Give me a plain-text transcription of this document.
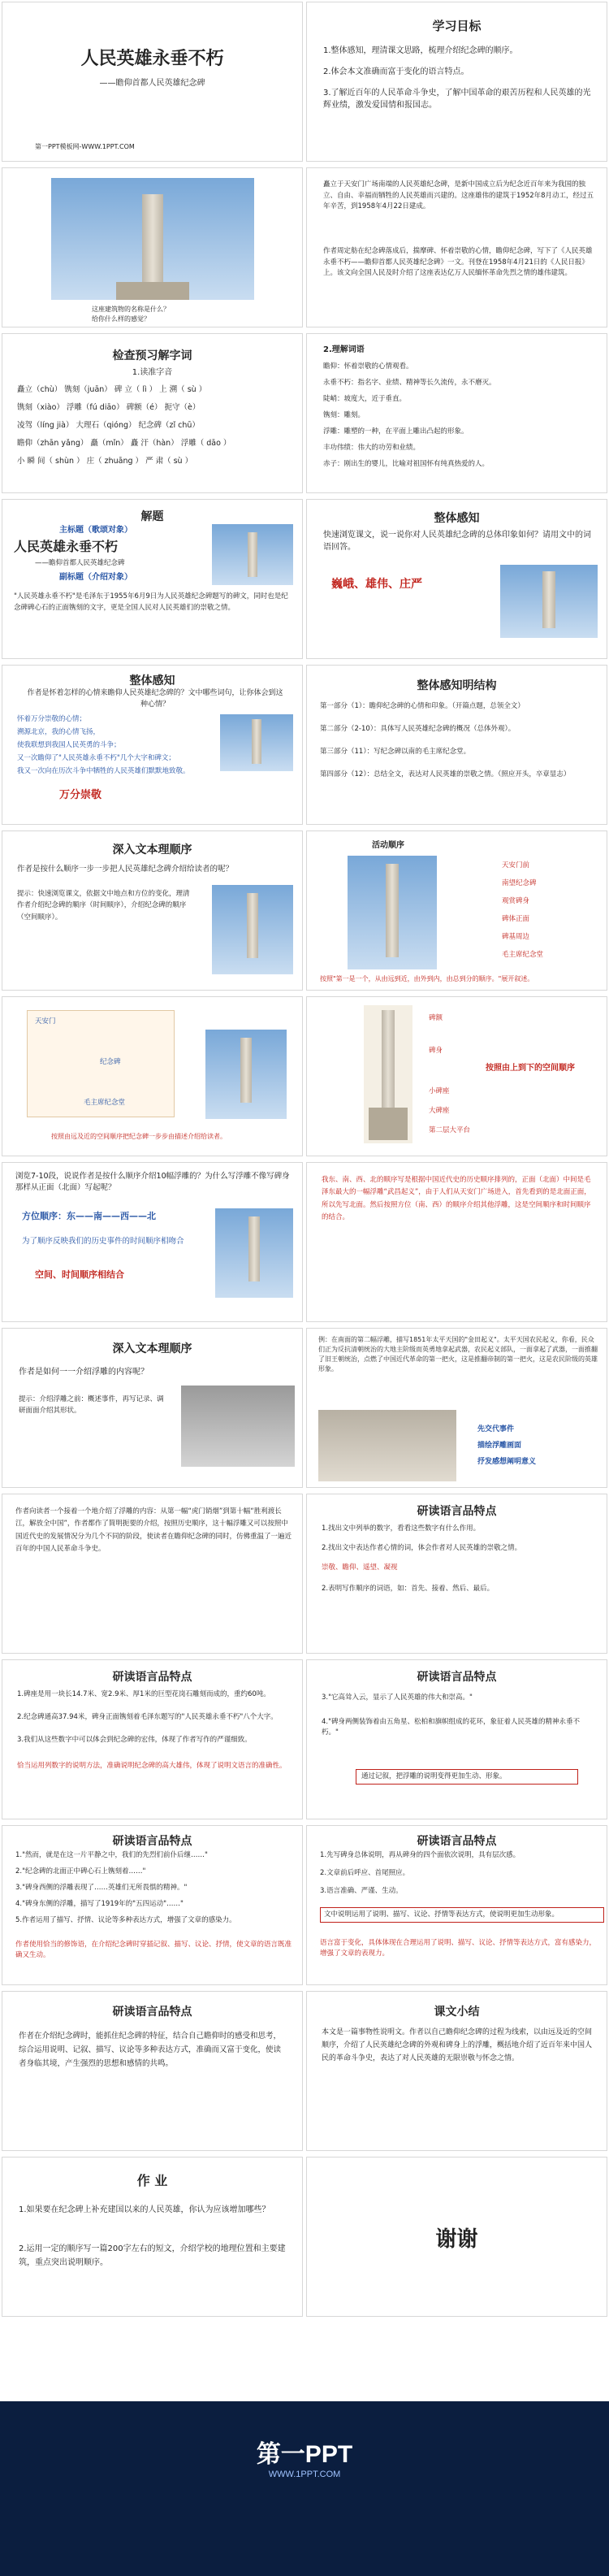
人民英雄永垂不朽
——瞻仰首都人民英雄纪念碑
第一PPT模板网-WWW.1PPT.COM
学习目标
1.整体感知，理清课文思路，梳理介绍纪念碑的顺序。
2.体会本文准确而富于变化的语言特点。
3.了解近百年的人民革命斗争史，了解中国革命的艰苦历程和人民英雄的光辉业绩，激发爱国情和报国志。
这座建筑物的名称是什么？
给你什么样的感觉？
矗立于天安门广场南端的人民英雄纪念碑，是新中国成立后为纪念近百年来为我国的独立、自由、幸福而牺牲的人民英雄而兴建的。这座雄伟的建筑于1952年8月动工，经过五年辛苦，到1958年4月22日建成。
作者周定舫在纪念碑落成后，揣摩碑、怀着崇敬的心情，瞻仰纪念碑，写下了《人民英雄永垂不朽——瞻仰首都人民英雄纪念碑》一文。刊登在1958年4月21日的《人民日报》上。该文向全国人民及时介绍了这座表达亿万人民缅怀革命先烈之情的雄伟建筑。
检查预习解字词
1.读准字音
矗立（chù） 镌刻（juān） 碑 立（ lì ） 上 溯（ sù ）
镌刻（xiào） 浮雕（fú diāo） 碑额（é） 扼守（è）
凌驾（líng jià） 大理石（qióng） 纪念碑（zǐ chū）
瞻仰（zhān yǎng） 矗（mǐn） 矗 汗（hàn） 浮雕（ dāo ）
小 瞬 间（ shùn ） 庄（ zhuāng ） 严 肃（ sù ）
2.理解词语
瞻仰：怀着崇敬的心情观看。
永垂不朽：指名字、业绩、精神等长久流传，永不磨灭。
陡峭：坡度大，近于垂直。
镌刻：雕刻。
浮雕：雕塑的一种，在平面上雕出凸起的形象。
丰功伟绩：伟大的功劳和业绩。
赤子：刚出生的婴儿，比喻对祖国怀有纯真热爱的人。
解题
主标题（歌颂对象）
人民英雄永垂不朽
——瞻仰首都人民英雄纪念碑
副标题（介绍对象）
"人民英雄永垂不朽"是毛泽东于1955年6月9日为人民英雄纪念碑题写的碑文，同时也是纪念碑碑心石的正面镌刻的文字，更是全国人民对人民英雄们的崇敬之情。
整体感知
快速浏览课文，说一说你对人民英雄纪念碑的总体印象如何？请用文中的词语回答。
巍峨、雄伟、庄严
整体感知
作者是怀着怎样的心情来瞻仰人民英雄纪念碑的？文中哪些词句，让你体会到这种心情？
怀着万分崇敬的心情；
溯源北京，我的心情飞扬，
使我联想到我国人民英勇的斗争；
又一次瞻仰了"人民英雄永垂不朽"几个大字和碑文；
我又一次向在历次斗争中牺牲的人民英雄们默默地致敬。
万分崇敬
整体感知明结构
第一部分（1）：瞻仰纪念碑的心情和印象。（开篇点题，总领全文）
第二部分（2-10）：具体写人民英雄纪念碑的概况（总体外观）。
第三部分（11）：写纪念碑以南的毛主席纪念堂。
第四部分（12）：总结全文，表达对人民英雄的崇敬之情。（照应开头，卒章显志）
深入文本理顺序
作者是按什么顺序一步一步把人民英雄纪念碑介绍给读者的呢？
提示：快速浏览课文，依据文中地点和方位的变化，理清作者介绍纪念碑的顺序（时间顺序），介绍纪念碑的顺序（空间顺序）。
活动顺序
天安门前
南望纪念碑
观赏碑身
碑体正面
碑基周边
毛主席纪念堂
按照"第一是一个，从由远到近，由外到内，由总到分的顺序。"展开叙述。
天安门
纪念碑
毛主席纪念堂
按照由远及近的空间顺序把纪念碑一步步由描述介绍给读者。
碑额
碑身
小碑座
大碑座
第二层大平台
按照由上到下的空间顺序
浏览7-10段，说说作者是按什么顺序介绍10幅浮雕的？为什么写浮雕不像写碑身那样从正面（北面）写起呢？
方位顺序：东——南——西——北
为了顺序反映我们的历史事件的时间顺序相吻合
空间、时间顺序相结合
我东、南、西、北的顺序写是根据中国近代史的历史顺序排列的，正面（北面）中间是毛泽东最大的一幅浮雕“武昌起义”，由于人们从天安门广场进入，首先看到的是北面正面，所以先写北面。然后按照方位（南、西）的顺序介绍其他浮雕，这是空间顺序和时间顺序的结合。
深入文本理顺序
作者是如何一一介绍浮雕的内容呢？
提示：介绍浮雕之前：概述事件，再写记录、调研面面介绍其形状。
例：在南面的第二幅浮雕，描写1851年太平天国的"金田起义"。太平天国农民起义，你看，民众们正为反抗清朝统治的大地主阶级而英勇地拿起武器，农民起义部队，一面拿起了武器，一面推翻了旧王朝统治，点燃了中国近代革命的第一把火，这是推翻帝制的第一把火，这是农民阶级的英雄形象。
先交代事件
描绘浮雕画面
抒发感想阐明意义
作者向读者一个接着一个地介绍了浮雕的内容：从第一幅“虎门销烟”到第十幅“胜利渡长江，解放全中国”，作者都作了简明扼要的介绍，按照历史顺序，这十幅浮雕又可以按照中国近代史的发展情况分为几个不同的阶段，使读者在瞻仰纪念碑的同时，仿佛重温了一遍近百年的中国人民革命斗争史。
研读语言品特点
1.找出文中列举的数字，看看这些数字有什么作用。
2.找出文中表达作者心情的词，体会作者对人民英雄的崇敬之情。
崇敬、瞻仰、遥望、凝视
2.表明写作顺序的词语，如：首先、接着、然后、最后。
研读语言品特点
1.碑座是用一块长14.7米、宽2.9米、厚1米的巨型花岗石雕刻而成的，重约60吨。
2.纪念碑通高37.94米，碑身正面镌刻着毛泽东题写的"人民英雄永垂不朽"八个大字。
3.我们从这些数字中可以体会到纪念碑的宏伟，体现了作者写作的严谨细致。
恰当运用列数字的说明方法，准确说明纪念碑的高大雄伟，体现了说明文语言的准确性。
研读语言品特点
3."它高耸入云，显示了人民英雄的伟大和崇高。"
4."碑身两侧装饰着由五角星、松柏和旗帜组成的花环，象征着人民英雄的精神永垂不朽。"
通过记叙，把浮雕的说明变得更加生动、形象。
研读语言品特点
1."然而，就是在这一片平静之中，我们的先烈们前仆后继……"
2."纪念碑的北面正中碑心石上镌刻着……"
3."碑身西侧的浮雕表现了……英雄们无所畏惧的精神。"
4."碑身东侧的浮雕，描写了1919年的"五四运动"……"
5.作者运用了描写、抒情、议论等多种表达方式，增强了文章的感染力。
作者使用恰当的修饰语，在介绍纪念碑时穿插记叙、描写、议论、抒情，使文章的语言既准确又生动。
研读语言品特点
1.先写碑身总体说明，再从碑身的四个面依次说明，具有层次感。
2.文章前后呼应、首尾照应。
3.语言准确、严谨、生动。
文中说明运用了说明、描写、议论、抒情等表达方式，使说明更加生动形象。
语言富于变化，具体体现在合理运用了说明、描写、议论、抒情等表达方式，富有感染力，增强了文章的表现力。
研读语言品特点
作者在介绍纪念碑时，能抓住纪念碑的特征，结合自己瞻仰时的感受和思考，综合运用说明、记叙、描写、议论等多种表达方式，准确而又富于变化，使读者身临其境，产生强烈的思想和感情的共鸣。
课文小结
本文是一篇事物性说明文。作者以自己瞻仰纪念碑的过程为线索，以由远及近的空间顺序，介绍了人民英雄纪念碑的外观和碑身上的浮雕，概括地介绍了近百年来中国人民的革命斗争史，表达了对人民英雄的无限崇敬与怀念之情。
作 业
1.如果要在纪念碑上补充建国以来的人民英雄，你认为应该增加哪些？
2.运用一定的顺序写一篇200字左右的短文，介绍学校的地理位置和主要建筑，重点突出说明顺序。
谢谢
第一PPT
WWW.1PPT.COM
